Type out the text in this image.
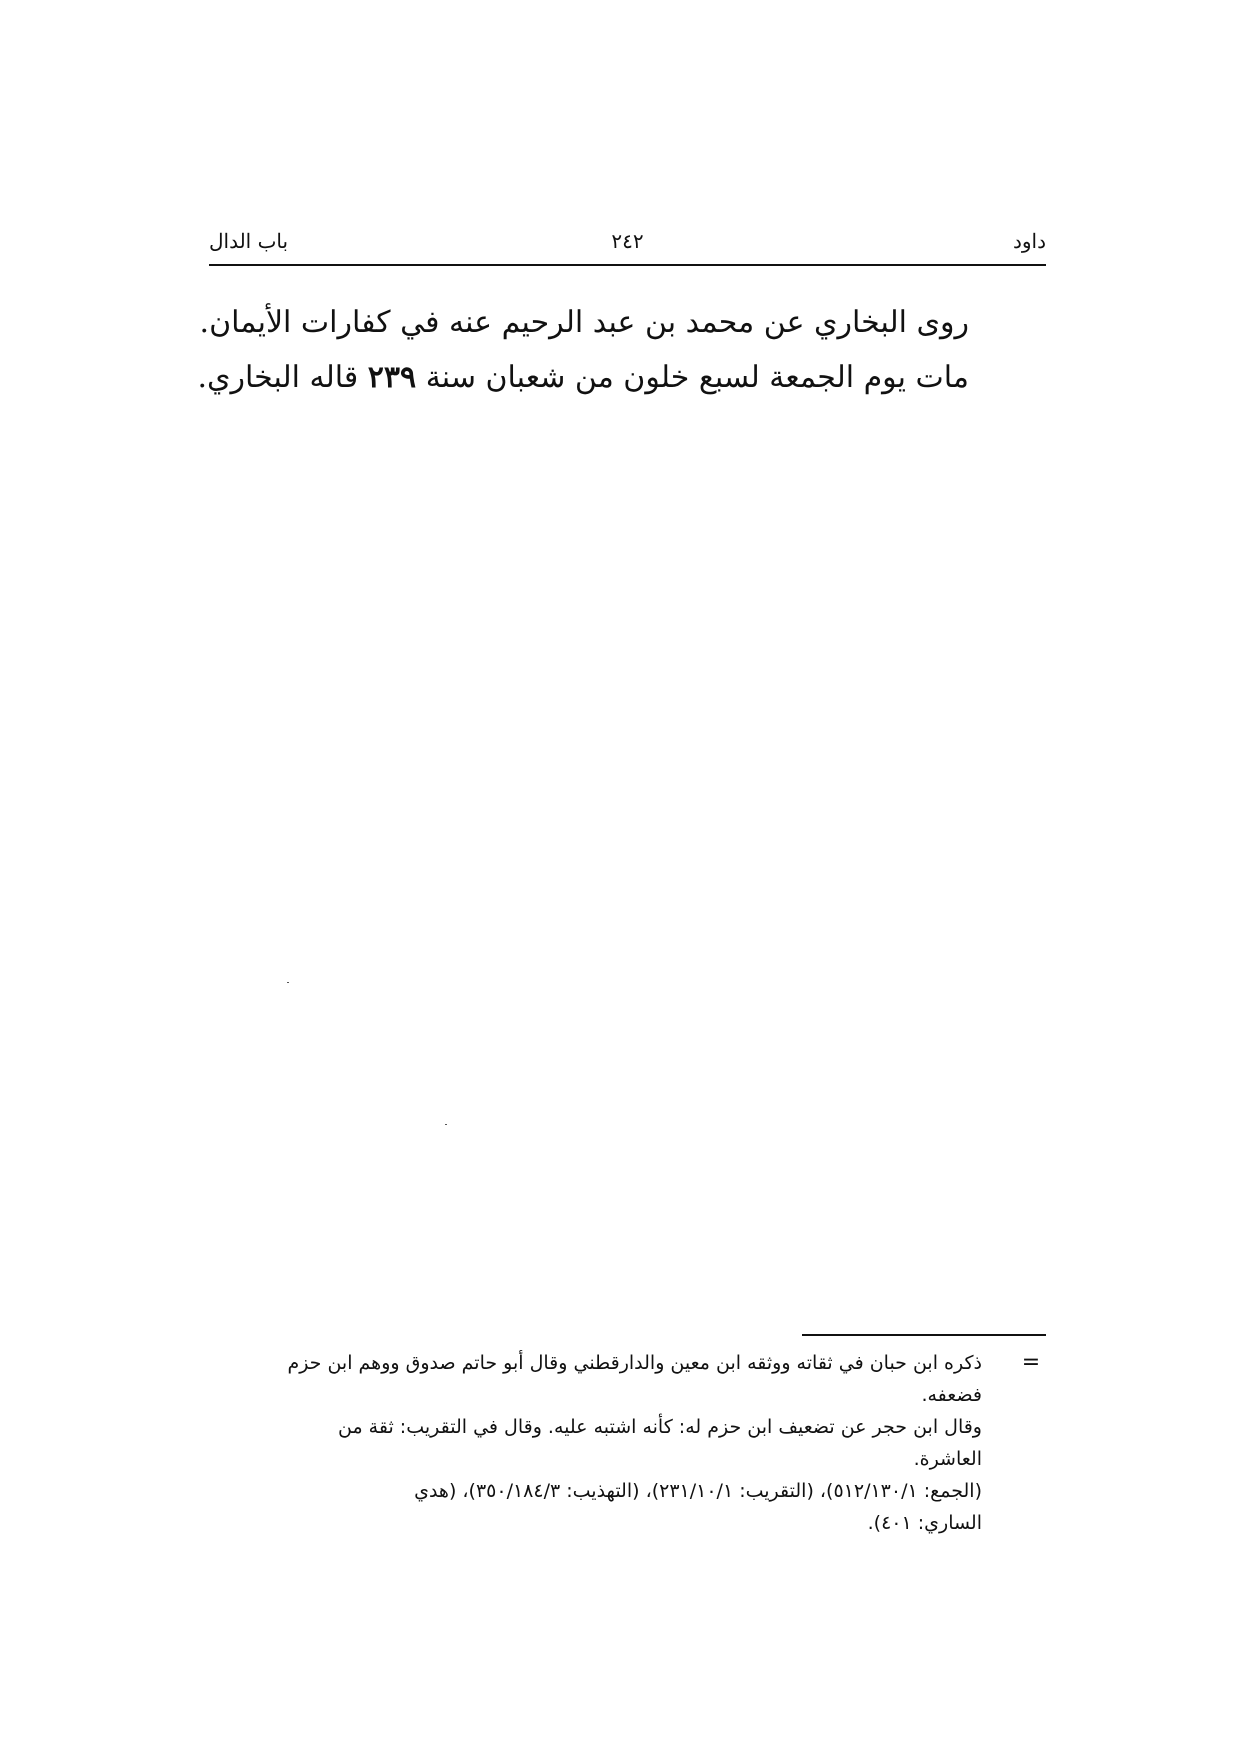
باب الدال	٢٤٢	داود

روى البخاري عن محمد بن عبد الرحيم عنه في كفارات الأيمان.

مات يوم الجمعة لسبع خلون من شعبان سنة ٢٣٩ قاله البخاري.

=
ذكره ابن حبان في ثقاته ووثقه ابن معين والدارقطني وقال أبو حاتم صدوق ووهم ابن حزم
فضعفه.
وقال ابن حجر عن تضعيف ابن حزم له: كأنه اشتبه عليه. وقال في التقريب: ثقة من
العاشرة.
(الجمع: ٥١٢/١٣٠/١)، (التقريب: ٢٣١/١٠/١)، (التهذيب: ٣٥٠/١٨٤/٣)، (هدي
الساري: ٤٠١).
